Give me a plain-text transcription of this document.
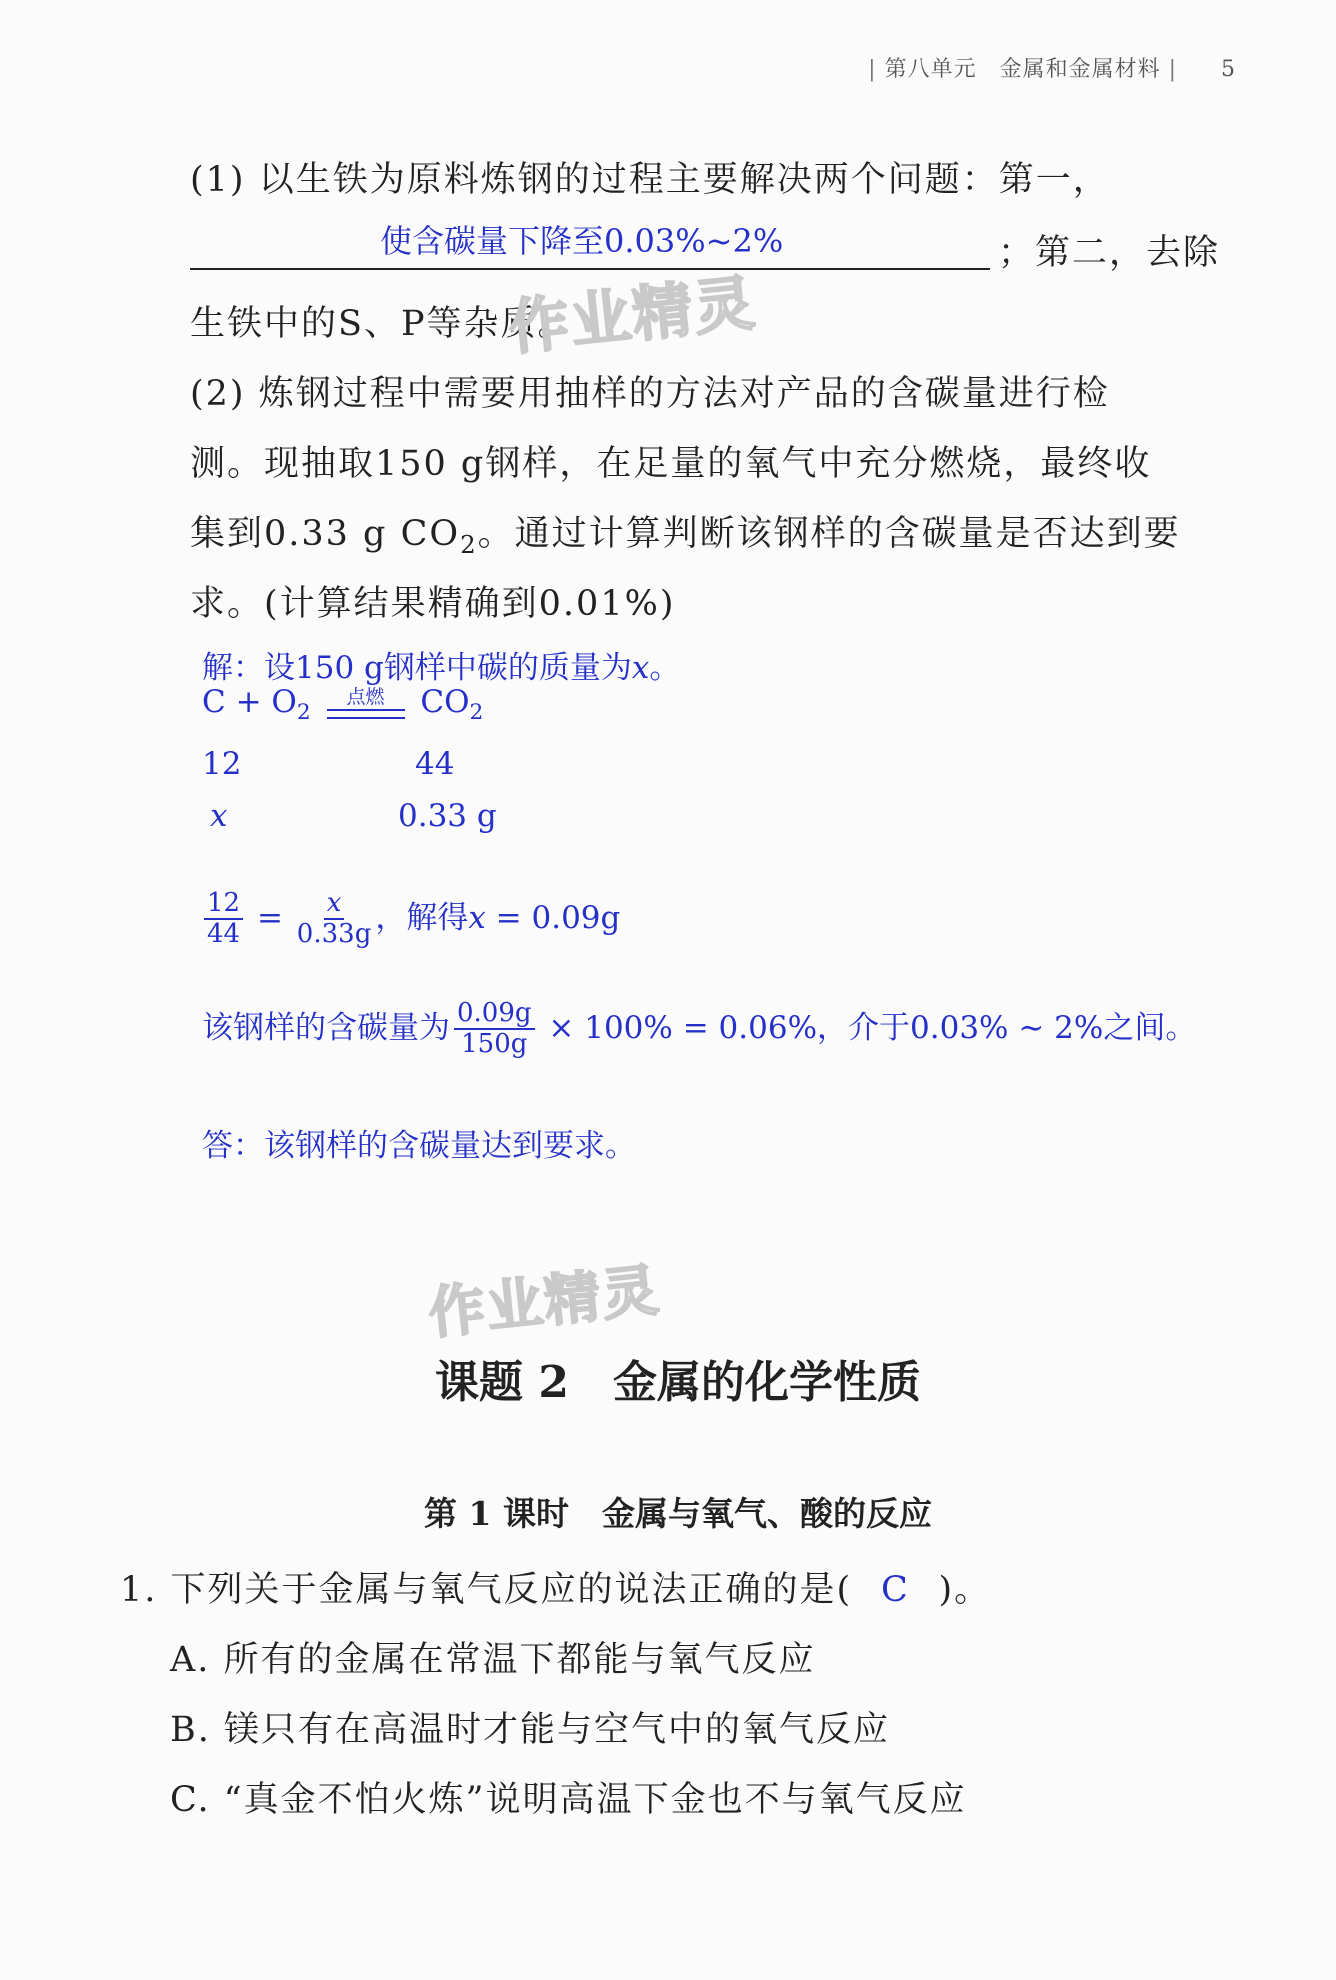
| 第八单元　金属和金属材料 | 5
(1) 以生铁为原料炼钢的过程主要解决两个问题：第一，
使含碳量下降至0.03%~2%	；第二，去除
生铁中的S、P等杂质。
作业精灵
(2) 炼钢过程中需要用抽样的方法对产品的含碳量进行检
测。现抽取150 g钢样，在足量的氧气中充分燃烧，最终收
集到0.33 g $CO_2$。通过计算判断该钢样的含碳量是否达到要
求。(计算结果精确到0.01%)
解：设150 g钢样中碳的质量为x。
$C + O_2$
点燃 $CO_2$
12	44
x	0.33 g
$\frac{12}{44} = \frac{x}{0.33g}$ ，解得x = 0.09g
该钢样的含碳量为 $\frac{0.09g}{150g} \times 100\% = 0.06\%$，介于0.03% ∼ 2%之间。
答：该钢样的含碳量达到要求。
作业精灵
课题 2　金属的化学性质
第 1 课时　金属与氧气、酸的反应
1. 下列关于金属与氧气反应的说法正确的是( C )。
A. 所有的金属在常温下都能与氧气反应
B. 镁只有在高温时才能与空气中的氧气反应
C. “真金不怕火炼”说明高温下金也不与氧气反应
